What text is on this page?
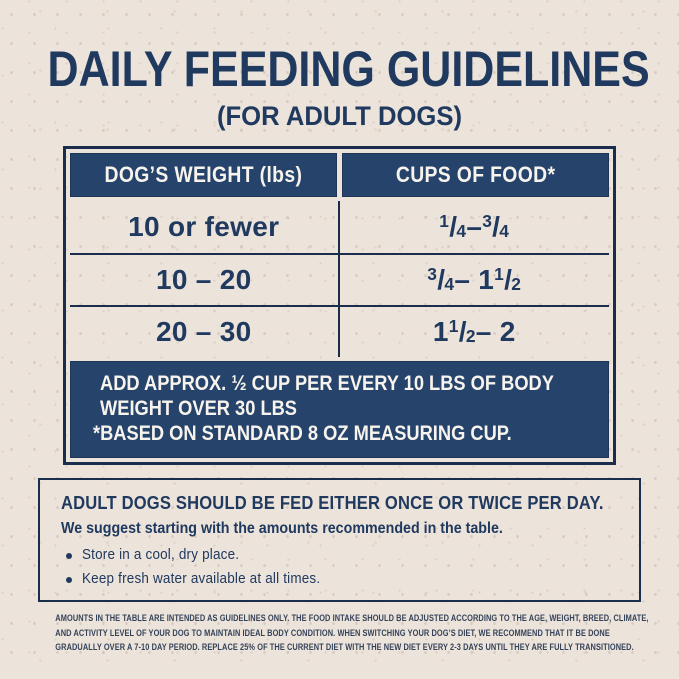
DAILY FEEDING GUIDELINES
(FOR ADULT DOGS)
DOG’S WEIGHT (lbs)	CUPS OF FOOD*
10 or fewer	$^1$/4 – $^3$/4
10 – 20	$^3$/4 – 1 $^1$/2
20 – 30	1 $^1$/2 – 2
ADD APPROX. ½ CUP PER EVERY 10 LBS OF BODY
WEIGHT OVER 30 LBS
*BASED ON STANDARD 8 OZ MEASURING CUP.
ADULT DOGS SHOULD BE FED EITHER ONCE OR TWICE PER DAY.
We suggest starting with the amounts recommended in the table.
Store in a cool, dry place.
Keep fresh water available at all times.
AMOUNTS IN THE TABLE ARE INTENDED AS GUIDELINES ONLY. THE FOOD INTAKE SHOULD BE ADJUSTED ACCORDING TO THE AGE, WEIGHT, BREED, CLIMATE,
AND ACTIVITY LEVEL OF YOUR DOG TO MAINTAIN IDEAL BODY CONDITION. WHEN SWITCHING YOUR DOG’S DIET, WE RECOMMEND THAT IT BE DONE
GRADUALLY OVER A 7-10 DAY PERIOD. REPLACE 25% OF THE CURRENT DIET WITH THE NEW DIET EVERY 2-3 DAYS UNTIL THEY ARE FULLY TRANSITIONED.
